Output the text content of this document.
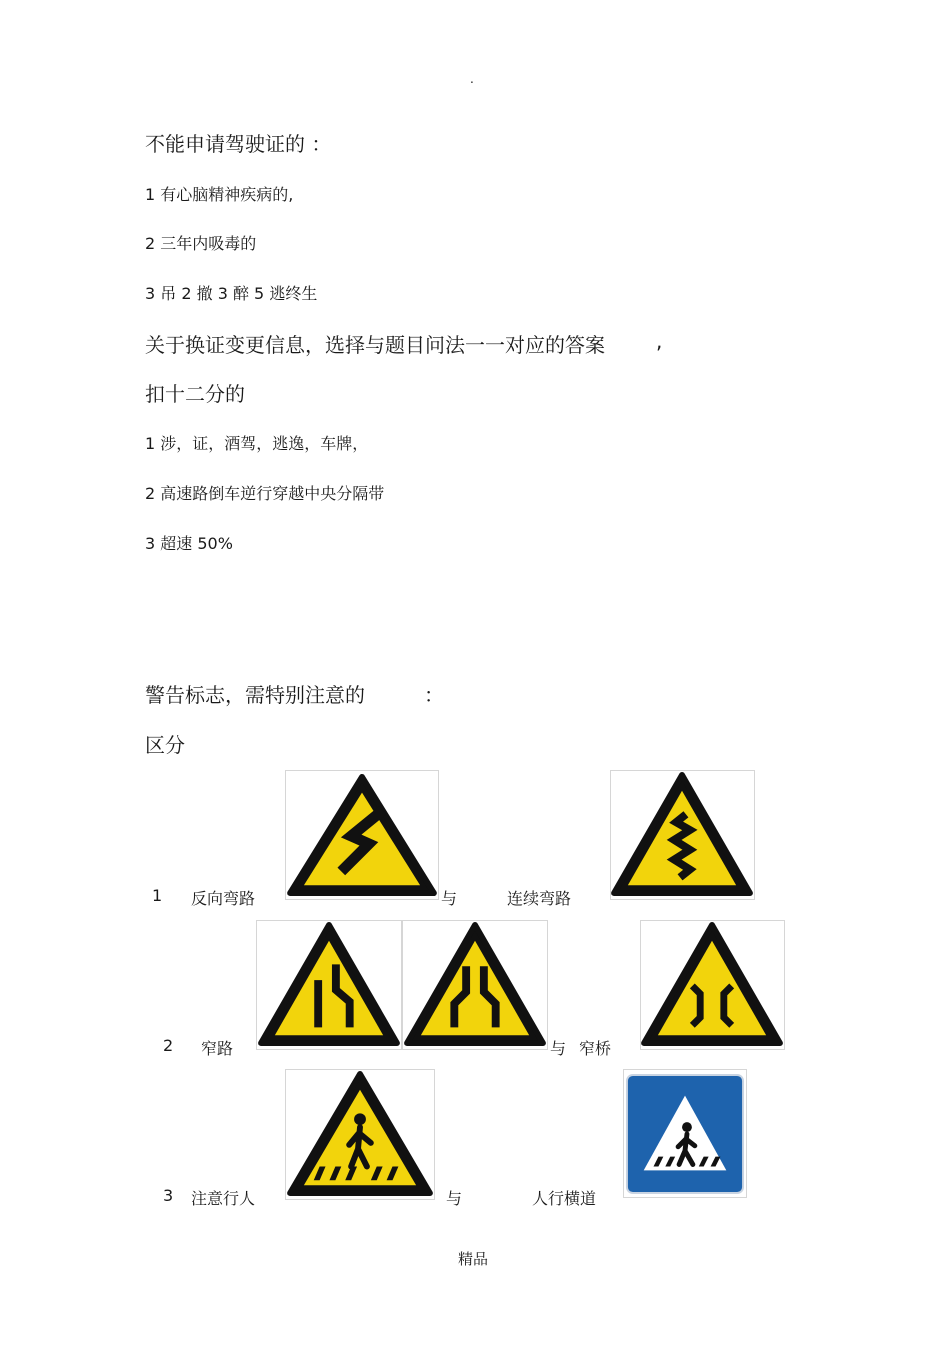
.
不能申请驾驶证的 ：
1 有心脑精神疾病的,
2 三年内吸毒的
3 吊 2 撤 3 醉 5 逃终生
关于换证变更信息，选择与题目问法一一对应的答案	,
扣十二分的
1 涉，证，酒驾，逃逸，车牌，
2 高速路倒车逆行穿越中央分隔带
3 超速 50%
警告标志，需特别注意的	：
区分
1 反向弯路	与	连续弯路
2 窄路	与 窄桥
3 注意行人	与	人行横道
精品
